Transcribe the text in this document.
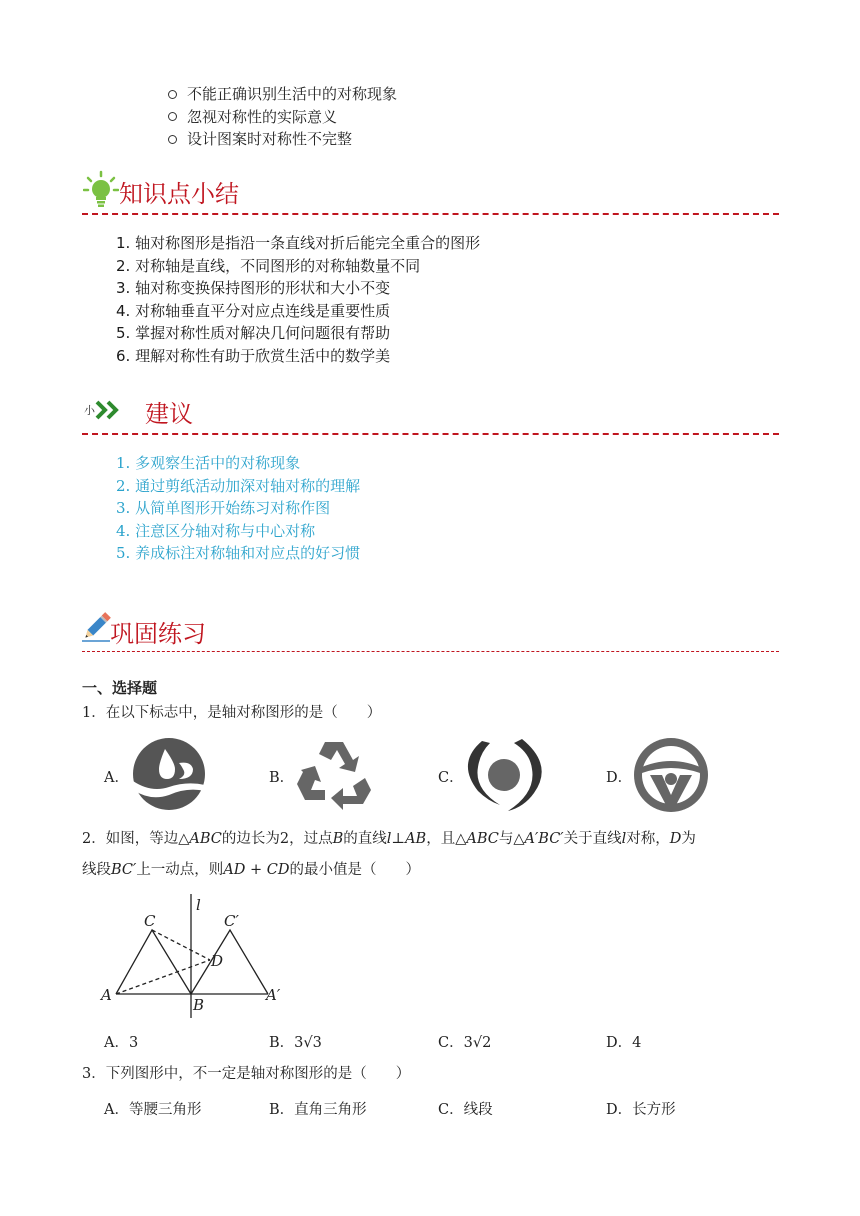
不能正确识别生活中的对称现象
忽视对称性的实际意义
设计图案时对称性不完整
知识点小结
1. 轴对称图形是指沿一条直线对折后能完全重合的图形
2. 对称轴是直线，不同图形的对称轴数量不同
3. 轴对称变换保持图形的形状和大小不变
4. 对称轴垂直平分对应点连线是重要性质
5. 掌握对称性质对解决几何问题很有帮助
6. 理解对称性有助于欣赏生活中的数学美
小 建议
1. 多观察生活中的对称现象
2. 通过剪纸活动加深对轴对称的理解
3. 从简单图形开始练习对称作图
4. 注意区分轴对称与中心对称
5. 养成标注对称轴和对应点的好习惯
巩固练习
一、选择题
1．在以下标志中，是轴对称图形的是（　　）
A．	B．	C．	D．
2．如图，等边△ABC的边长为2，过点B的直线l⊥AB，且△ABC与△A′BC′关于直线l对称，D为
线段BC′上一动点，则AD + CD的最小值是（　　）
C	C′
l
D
A
B
A′
A．3	B．3√3	C．3√2	D．4
3．下列图形中，不一定是轴对称图形的是（　　）
A．等腰三角形	B．直角三角形	C．线段	D．长方形
